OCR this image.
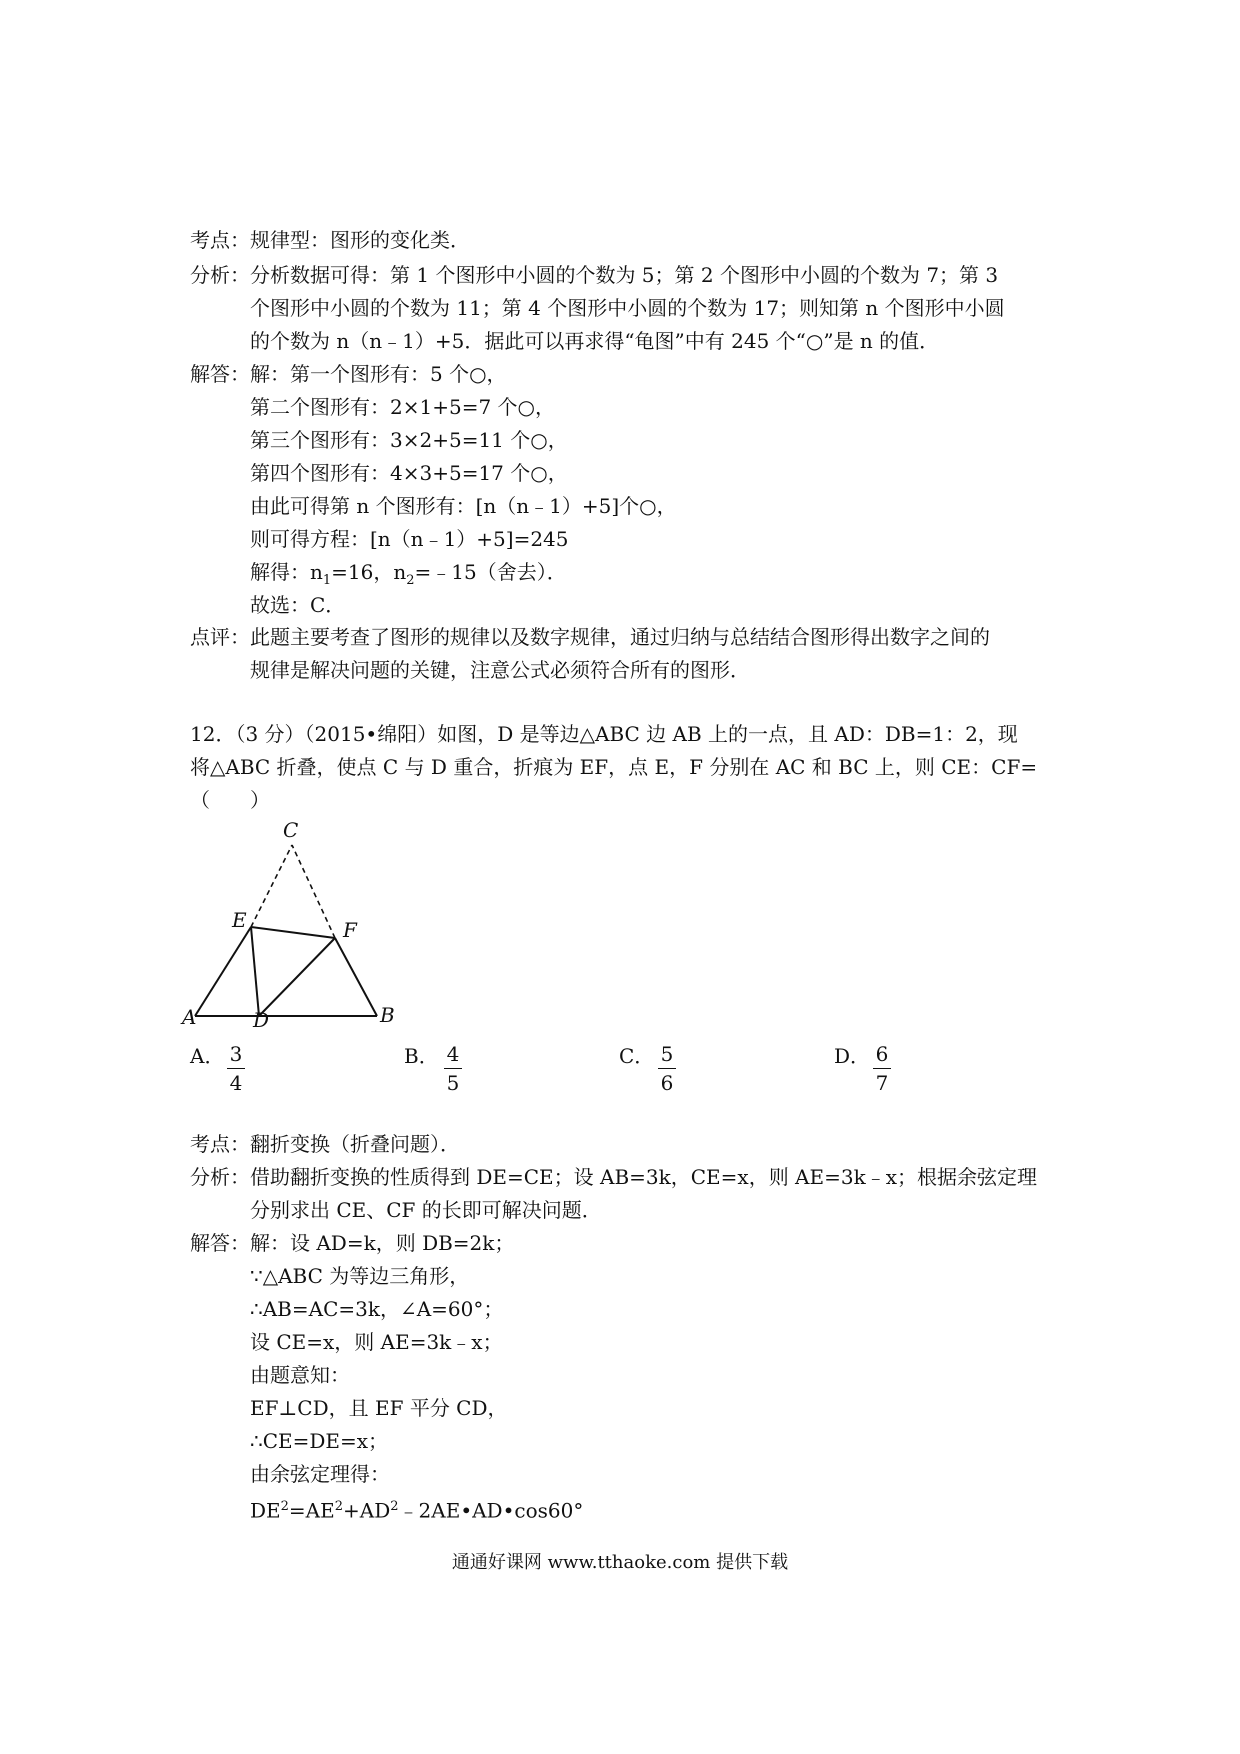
考点：规律型：图形的变化类．
分析：分析数据可得：第 1 个图形中小圆的个数为 5；第 2 个图形中小圆的个数为 7；第 3
个图形中小圆的个数为 11；第 4 个图形中小圆的个数为 17；则知第 n 个图形中小圆
的个数为 n（n﹣1）+5．据此可以再求得“龟图”中有 245 个“○”是 n 的值．
解答：解：第一个图形有：5 个○，
第二个图形有：2×1+5=7 个○，
第三个图形有：3×2+5=11 个○，
第四个图形有：4×3+5=17 个○，
由此可得第 n 个图形有：[n（n﹣1）+5]个○，
则可得方程：[n（n﹣1）+5]=245
解得：$n_1=16$，$n_2=﹣15$（舍去）．
故选：C．
点评：此题主要考查了图形的规律以及数字规律，通过归纳与总结结合图形得出数字之间的
规律是解决问题的关键，注意公式必须符合所有的图形．
12．（3 分）（2015•绵阳）如图，D 是等边△ABC 边 AB 上的一点，且 AD：DB=1：2，现
将△ABC 折叠，使点 C 与 D 重合，折痕为 EF，点 E，F 分别在 AC 和 BC 上，则 CE：CF=
（　　）
C
E	F
A	D	B
A． 3
4
B． 4
5
C． 5
6
D． 6
7
考点：翻折变换（折叠问题）．
分析：借助翻折变换的性质得到 DE=CE；设 AB=3k，CE=x，则 AE=3k﹣x；根据余弦定理
分别求出 CE、CF 的长即可解决问题．
解答：解：设 AD=k，则 DB=2k；
∵△ABC 为等边三角形，
∴AB=AC=3k，∠A=60°；
设 CE=x，则 AE=3k﹣x；
由题意知：
EF⊥CD，且 EF 平分 CD，
∴CE=DE=x；
由余弦定理得：
$DE^2=AE^2+AD^2﹣2AE•AD•\cos 60^\circ$
通通好课网 www.tthaoke.com 提供下载
